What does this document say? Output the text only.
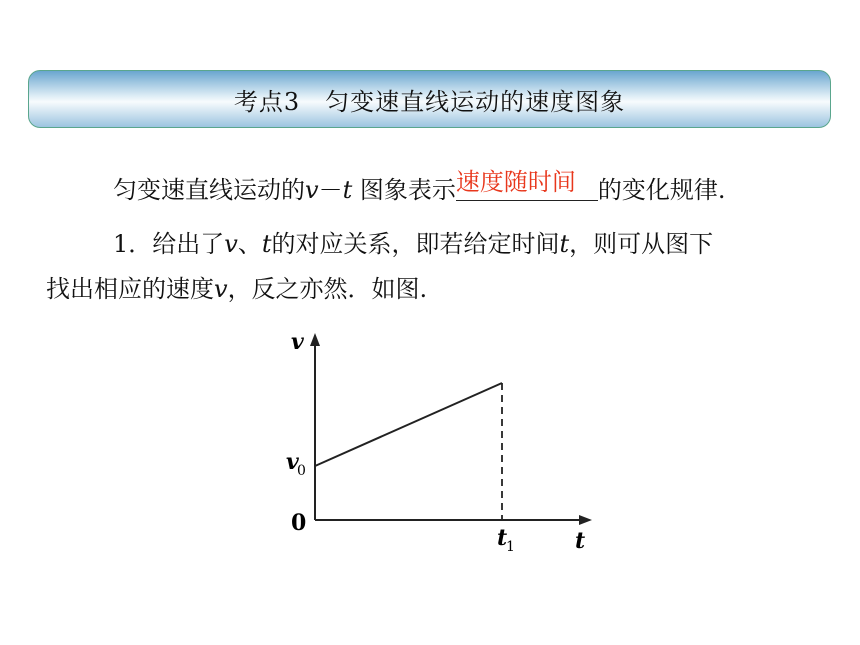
考点3　匀变速直线运动的速度图象
匀变速直线运动的v－t 图象表示 速度随时间 的变化规律.
1．给出了v、t的对应关系，即若给定时间t，则可从图下
找出相应的速度v，反之亦然．如图.
v
t
0
v
0
t
1
